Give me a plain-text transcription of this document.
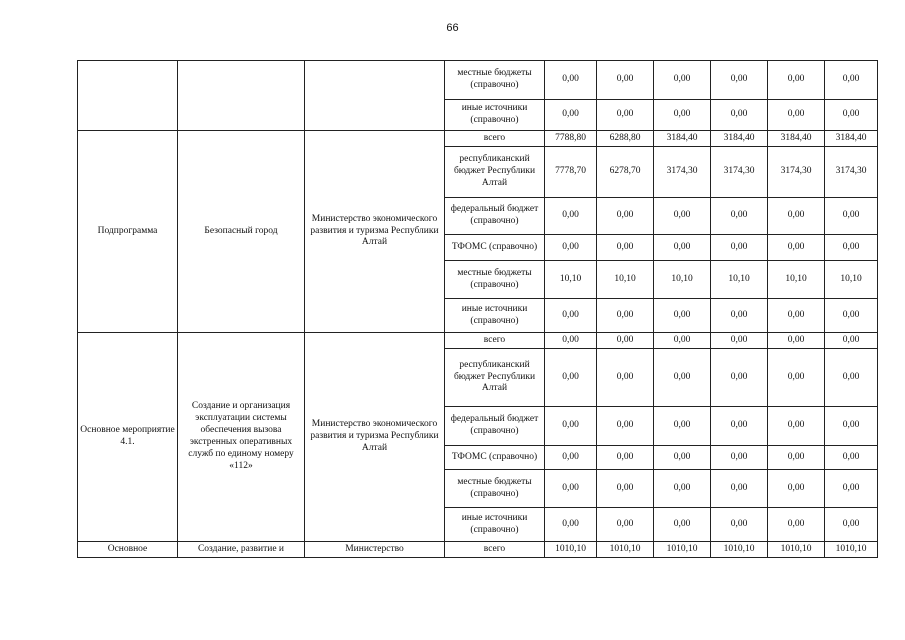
66
			местные бюджеты (справочно)	0,00	0,00	0,00	0,00	0,00	0,00
			иные источники (справочно)	0,00	0,00	0,00	0,00	0,00	0,00
Подпрограмма	Безопасный город	Министерство экономического развития и туризма Республики Алтай	всего	7788,80	6288,80	3184,40	3184,40	3184,40	3184,40
			республиканский бюджет Республики Алтай	7778,70	6278,70	3174,30	3174,30	3174,30	3174,30
			федеральный бюджет (справочно)	0,00	0,00	0,00	0,00	0,00	0,00
			ТФОМС (справочно)	0,00	0,00	0,00	0,00	0,00	0,00
			местные бюджеты (справочно)	10,10	10,10	10,10	10,10	10,10	10,10
			иные источники (справочно)	0,00	0,00	0,00	0,00	0,00	0,00
Основное мероприятие 4.1.	Создание и организация эксплуатации системы обеспечения вызова экстренных оперативных служб по единому номеру «112»	Министерство экономического развития и туризма Республики Алтай	всего	0,00	0,00	0,00	0,00	0,00	0,00
			республиканский бюджет Республики Алтай	0,00	0,00	0,00	0,00	0,00	0,00
			федеральный бюджет (справочно)	0,00	0,00	0,00	0,00	0,00	0,00
			ТФОМС (справочно)	0,00	0,00	0,00	0,00	0,00	0,00
			местные бюджеты (справочно)	0,00	0,00	0,00	0,00	0,00	0,00
			иные источники (справочно)	0,00	0,00	0,00	0,00	0,00	0,00
Основное	Создание, развитие и	Министерство	всего	1010,10	1010,10	1010,10	1010,10	1010,10	1010,10
